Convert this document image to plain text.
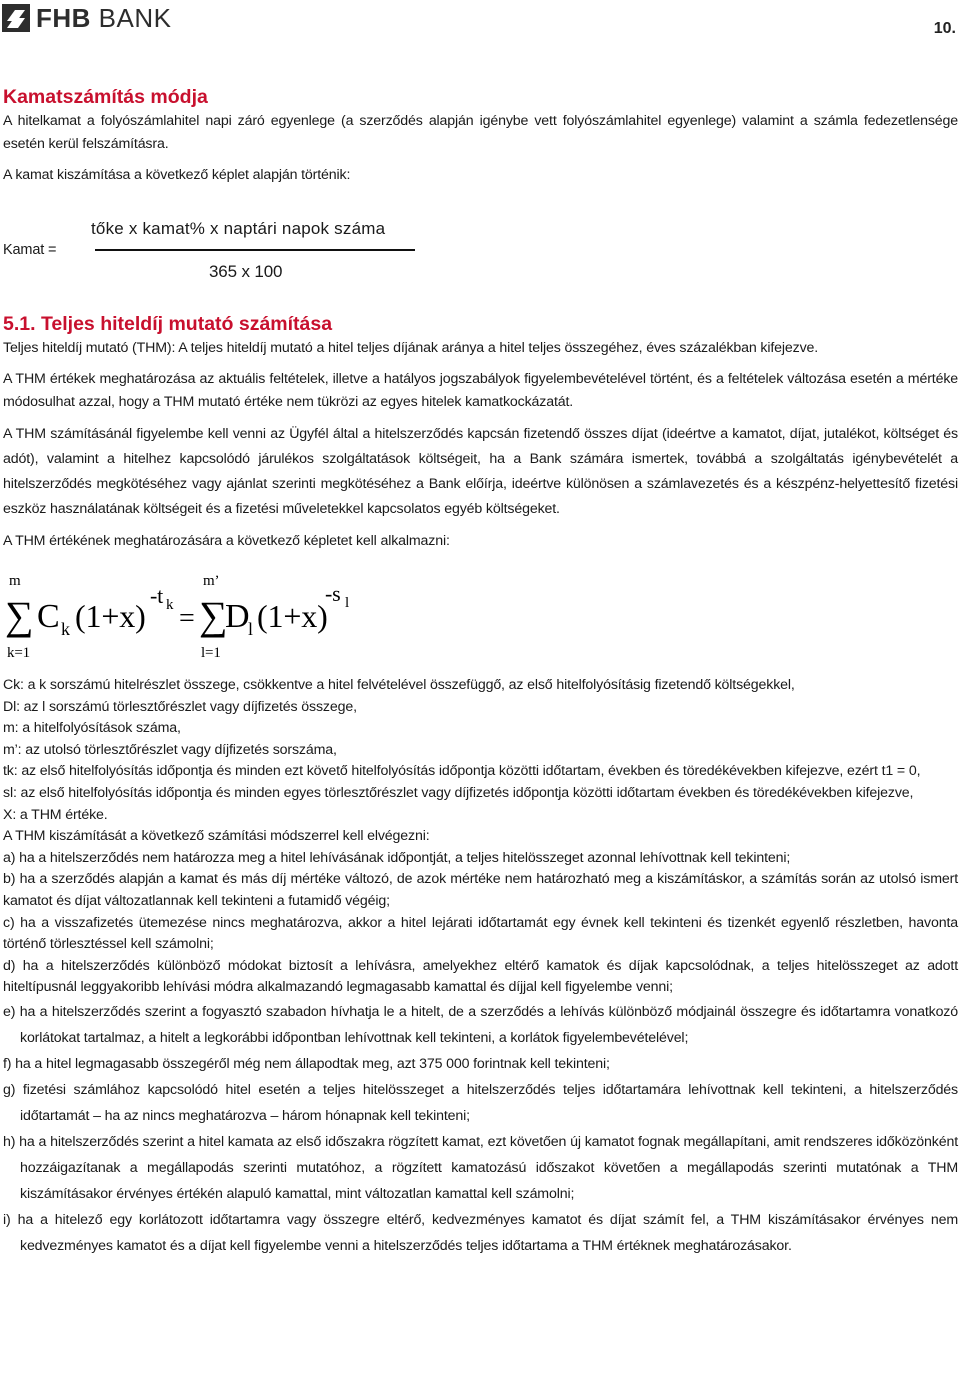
FHB BANK	10.

Kamatszámítás módja

A hitelkamat a folyószámlahitel napi záró egyenlege (a szerződés alapján igénybe vett folyószámlahitel egyenlege) valamint a számla fedezetlensége esetén kerül felszámításra.

A kamat kiszámítása a következő képlet alapján történik:

Kamat =
tőke x kamat% x naptári napok száma
365 x 100

5.1. Teljes hiteldíj mutató számítása

Teljes hiteldíj mutató (THM): A teljes hiteldíj mutató a hitel teljes díjának aránya a hitel teljes összegéhez, éves százalékban kifejezve.

A THM értékek meghatározása az aktuális feltételek, illetve a hatályos jogszabályok figyelembevételével történt, és a feltételek változása esetén a mértéke módosulhat azzal, hogy a THM mutató értéke nem tükrözi az egyes hitelek kamatkockázatát.

A THM számításánál figyelembe kell venni az Ügyfél által a hitelszerződés kapcsán fizetendő összes díjat (ideértve a kamatot, díjat, jutalékot, költséget és adót), valamint a hitelhez kapcsolódó járulékos szolgáltatások költségeit, ha a Bank számára ismertek, továbbá a szolgáltatás igénybevételét a hitelszerződés megkötéséhez vagy ajánlat szerinti megkötéséhez a Bank előírja, ideértve különösen a számlavezetés és a készpénz-helyettesítő fizetési eszköz használatának költségeit és a fizetési műveletekkel kapcsolatos egyéb költségeket.

A THM értékének meghatározására a következő képletet kell alkalmazni:

m
∑
k=1
C k (1+x)
-t k =
m’
∑
l=1
D
l (1+x)
-s l

Ck: a k sorszámú hitelrészlet összege, csökkentve a hitel felvételével összefüggő, az első hitelfolyósításig fizetendő költségekkel,

Dl: az l sorszámú törlesztőrészlet vagy díjfizetés összege,

m: a hitelfolyósítások száma,

m’: az utolsó törlesztőrészlet vagy díjfizetés sorszáma,

tk: az első hitelfolyósítás időpontja és minden ezt követő hitelfolyósítás időpontja közötti időtartam, években és töredékévekben kifejezve, ezért t1 = 0,

sl: az első hitelfolyósítás időpontja és minden egyes törlesztőrészlet vagy díjfizetés időpontja közötti időtartam években és töredékévekben kifejezve,

X: a THM értéke.

A THM kiszámítását a következő számítási módszerrel kell elvégezni:

a) ha a hitelszerződés nem határozza meg a hitel lehívásának időpontját, a teljes hitelösszeget azonnal lehívottnak kell tekinteni;

b) ha a szerződés alapján a kamat és más díj mértéke változó, de azok mértéke nem határozható meg a kiszámításkor, a számítás során az utolsó ismert kamatot és díjat változatlannak kell tekinteni a futamidő végéig;

c) ha a visszafizetés ütemezése nincs meghatározva, akkor a hitel lejárati időtartamát egy évnek kell tekinteni és tizenkét egyenlő részletben, havonta történő törlesztéssel kell számolni;

d) ha a hitelszerződés különböző módokat biztosít a lehívásra, amelyekhez eltérő kamatok és díjak kapcsolódnak, a teljes hitelösszeget az adott hiteltípusnál leggyakoribb lehívási módra alkalmazandó legmagasabb kamattal és díjjal kell figyelembe venni;

e) ha a hitelszerződés szerint a fogyasztó szabadon hívhatja le a hitelt, de a szerződés a lehívás különböző módjainál összegre és időtartamra vonatkozó korlátokat tartalmaz, a hitelt a legkorábbi időpontban lehívottnak kell tekinteni, a korlátok figyelembevételével;

f) ha a hitel legmagasabb összegéről még nem állapodtak meg, azt 375 000 forintnak kell tekinteni;

g) fizetési számlához kapcsolódó hitel esetén a teljes hitelösszeget a hitelszerződés teljes időtartamára lehívottnak kell tekinteni, a hitelszerződés időtartamát – ha az nincs meghatározva – három hónapnak kell tekinteni;

h) ha a hitelszerződés szerint a hitel kamata az első időszakra rögzített kamat, ezt követően új kamatot fognak megállapítani, amit rendszeres időközönként hozzáigazítanak a megállapodás szerinti mutatóhoz, a rögzített kamatozású időszakot követően a megállapodás szerinti mutatónak a THM kiszámításakor érvényes értékén alapuló kamattal, mint változatlan kamattal kell számolni;

i) ha a hitelező egy korlátozott időtartamra vagy összegre eltérő, kedvezményes kamatot és díjat számít fel, a THM kiszámításakor érvényes nem kedvezményes kamatot és a díjat kell figyelembe venni a hitelszerződés teljes időtartama a THM értéknek meghatározásakor.
